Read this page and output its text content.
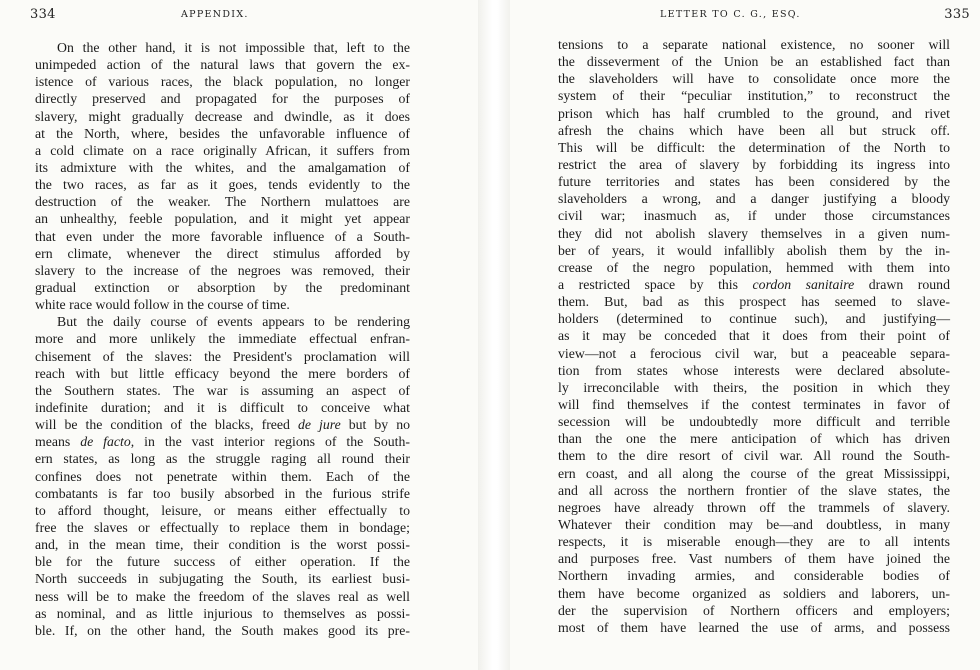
334	APPENDIX.
On the other hand, it is not impossible that, left to the
unimpeded action of the natural laws that govern the ex-
istence of various races, the black population, no longer
directly preserved and propagated for the purposes of
slavery, might gradually decrease and dwindle, as it does
at the North, where, besides the unfavorable influence of
a cold climate on a race originally African, it suffers from
its admixture with the whites, and the amalgamation of
the two races, as far as it goes, tends evidently to the
destruction of the weaker. The Northern mulattoes are
an unhealthy, feeble population, and it might yet appear
that even under the more favorable influence of a South-
ern climate, whenever the direct stimulus afforded by
slavery to the increase of the negroes was removed, their
gradual extinction or absorption by the predominant
white race would follow in the course of time.
But the daily course of events appears to be rendering
more and more unlikely the immediate effectual enfran-
chisement of the slaves: the President's proclamation will
reach with but little efficacy beyond the mere borders of
the Southern states. The war is assuming an aspect of
indefinite duration; and it is difficult to conceive what
will be the condition of the blacks, freed de jure but by no
means de facto, in the vast interior regions of the South-
ern states, as long as the struggle raging all round their
confines does not penetrate within them. Each of the
combatants is far too busily absorbed in the furious strife
to afford thought, leisure, or means either effectually to
free the slaves or effectually to replace them in bondage;
and, in the mean time, their condition is the worst possi-
ble for the future success of either operation. If the
North succeeds in subjugating the South, its earliest busi-
ness will be to make the freedom of the slaves real as well
as nominal, and as little injurious to themselves as possi-
ble. If, on the other hand, the South makes good its pre-
LETTER TO C. G., ESQ.	335
tensions to a separate national existence, no sooner will
the disseverment of the Union be an established fact than
the slaveholders will have to consolidate once more the
system of their “peculiar institution,” to reconstruct the
prison which has half crumbled to the ground, and rivet
afresh the chains which have been all but struck off.
This will be difficult: the determination of the North to
restrict the area of slavery by forbidding its ingress into
future territories and states has been considered by the
slaveholders a wrong, and a danger justifying a bloody
civil war; inasmuch as, if under those circumstances
they did not abolish slavery themselves in a given num-
ber of years, it would infallibly abolish them by the in-
crease of the negro population, hemmed with them into
a restricted space by this cordon sanitaire drawn round
them. But, bad as this prospect has seemed to slave-
holders (determined to continue such), and justifying—
as it may be conceded that it does from their point of
view—not a ferocious civil war, but a peaceable separa-
tion from states whose interests were declared absolute-
ly irreconcilable with theirs, the position in which they
will find themselves if the contest terminates in favor of
secession will be undoubtedly more difficult and terrible
than the one the mere anticipation of which has driven
them to the dire resort of civil war. All round the South-
ern coast, and all along the course of the great Mississippi,
and all across the northern frontier of the slave states, the
negroes have already thrown off the trammels of slavery.
Whatever their condition may be—and doubtless, in many
respects, it is miserable enough—they are to all intents
and purposes free. Vast numbers of them have joined the
Northern invading armies, and considerable bodies of
them have become organized as soldiers and laborers, un-
der the supervision of Northern officers and employers;
most of them have learned the use of arms, and possess
